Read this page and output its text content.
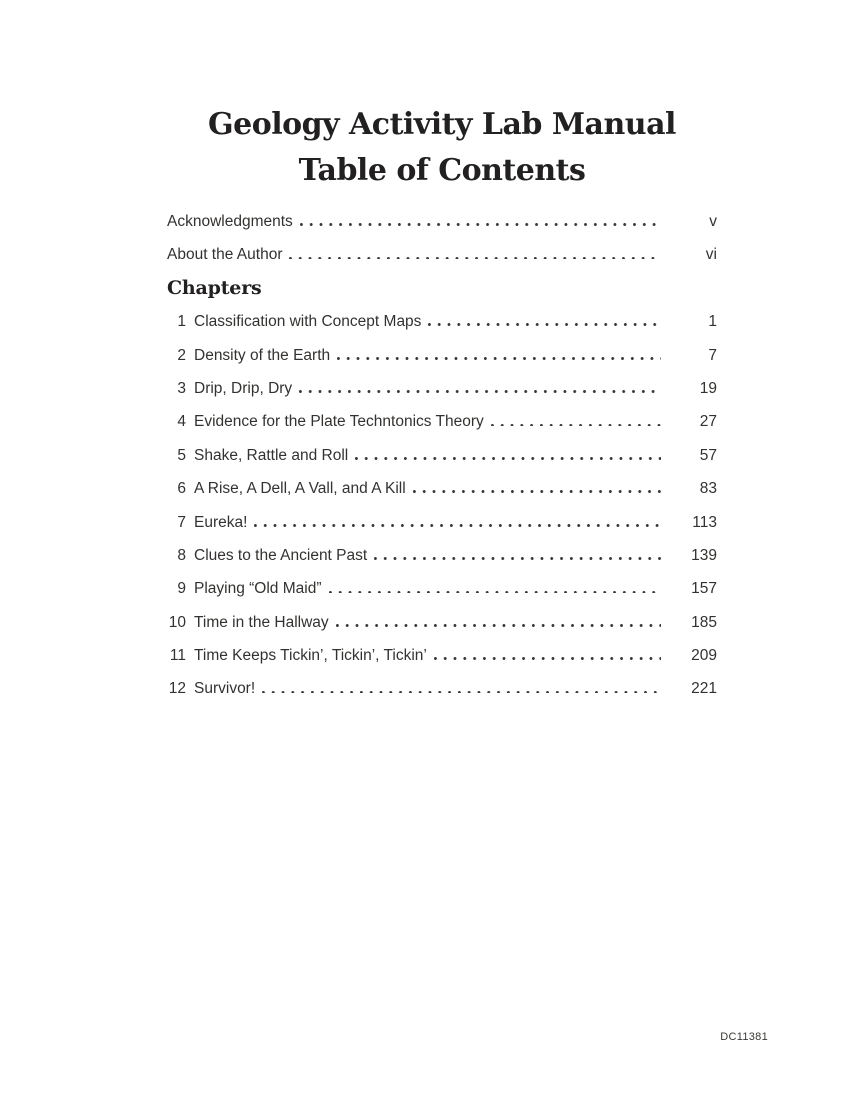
Geology Activity Lab Manual
Table of Contents
Acknowledgments	v
About the Author	vi
Chapters
1 Classification with Concept Maps	1
2 Density of the Earth	7
3 Drip, Drip, Dry	19
4 Evidence for the Plate Techntonics Theory	27
5 Shake, Rattle and Roll	57
6 A Rise, A Dell, A Vall, and A Kill	83
7 Eureka!	113
8 Clues to the Ancient Past	139
9 Playing “Old Maid”	157
10 Time in the Hallway	185
11 Time Keeps Tickin’, Tickin’, Tickin’	209
12 Survivor!	221
DC11381
